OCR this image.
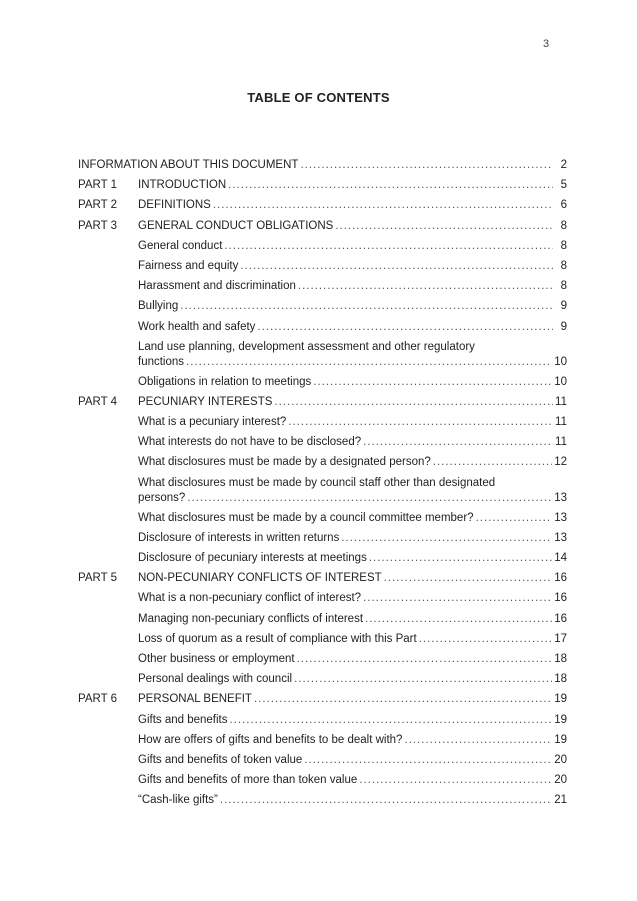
3
TABLE OF CONTENTS
INFORMATION ABOUT THIS DOCUMENT .....	2
PART 1	INTRODUCTION .....	5
PART 2	DEFINITIONS .....	6
PART 3	GENERAL CONDUCT OBLIGATIONS .....	8
General conduct .....	8
Fairness and equity .....	8
Harassment and discrimination .....	8
Bullying .....	9
Work health and safety .....	9
Land use planning, development assessment and other regulatory
functions .....	10
Obligations in relation to meetings .....	10
PART 4	PECUNIARY INTERESTS .....	11
What is a pecuniary interest? .....	11
What interests do not have to be disclosed? .....	11
What disclosures must be made by a designated person? .....	12
What disclosures must be made by council staff other than designated
persons? .....	13
What disclosures must be made by a council committee member? .....	13
Disclosure of interests in written returns .....	13
Disclosure of pecuniary interests at meetings .....	14
PART 5	NON-PECUNIARY CONFLICTS OF INTEREST .....	16
What is a non-pecuniary conflict of interest? .....	16
Managing non-pecuniary conflicts of interest .....	16
Loss of quorum as a result of compliance with this Part .....	17
Other business or employment .....	18
Personal dealings with council .....	18
PART 6	PERSONAL BENEFIT .....	19
Gifts and benefits .....	19
How are offers of gifts and benefits to be dealt with? .....	19
Gifts and benefits of token value .....	20
Gifts and benefits of more than token value .....	20
“Cash-like gifts” .....	21
